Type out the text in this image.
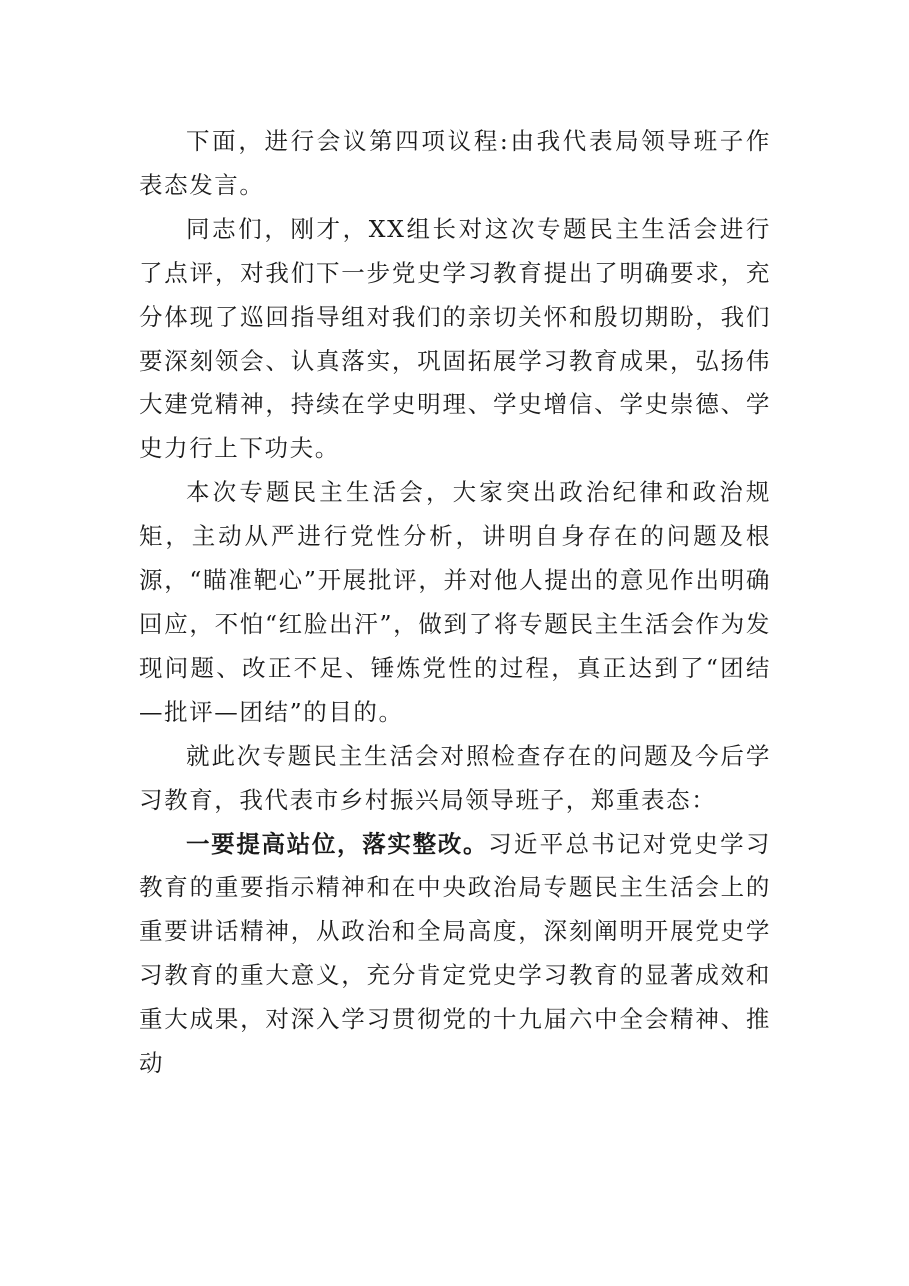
下面，进行会议第四项议程:由我代表局领导班子作表态发言。

同志们，刚才，XX组长对这次专题民主生活会进行了点评，对我们下一步党史学习教育提出了明确要求，充分体现了巡回指导组对我们的亲切关怀和殷切期盼，我们要深刻领会、认真落实，巩固拓展学习教育成果，弘扬伟大建党精神，持续在学史明理、学史增信、学史崇德、学史力行上下功夫。

本次专题民主生活会，大家突出政治纪律和政治规矩，主动从严进行党性分析，讲明自身存在的问题及根源，“瞄准靶心”开展批评，并对他人提出的意见作出明确回应，不怕“红脸出汗”，做到了将专题民主生活会作为发现问题、改正不足、锤炼党性的过程，真正达到了“团结—批评—团结”的目的。

就此次专题民主生活会对照检查存在的问题及今后学习教育，我代表市乡村振兴局领导班子，郑重表态：

一要提高站位，落实整改。习近平总书记对党史学习教育的重要指示精神和在中央政治局专题民主生活会上的重要讲话精神，从政治和全局高度，深刻阐明开展党史学习教育的重大意义，充分肯定党史学习教育的显著成效和重大成果，对深入学习贯彻党的十九届六中全会精神、推动
